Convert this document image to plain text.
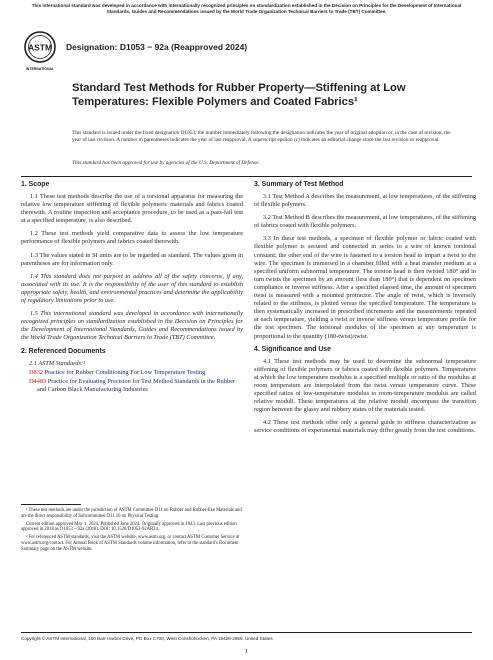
This international standard was developed in accordance with internationally recognized principles on standardization established in the Decision on Principles for the Development of International Standards, Guides and Recommendations issued by the World Trade Organization Technical Barriers to Trade (TBT) Committee.
ASTM
INTERNATIONAL
Designation: D1053 − 92a (Reapproved 2024)
Standard Test Methods for Rubber Property—Stiffening at Low Temperatures: Flexible Polymers and Coated Fabrics¹
This standard is issued under the fixed designation D1053; the number immediately following the designation indicates the year of original adoption or, in the case of revision, the year of last revision. A number in parentheses indicates the year of last reapproval. A superscript epsilon (ε) indicates an editorial change since the last revision or reapproval.
This standard has been approved for use by agencies of the U.S. Department of Defense.
1. Scope

1.1 These test methods describe the use of a torsional apparatus for measuring the relative low temperature stiffening of flexible polymeric materials and fabrics coated therewith. A routine inspection and acceptance procedure, to be used as a pass-fail test at a specified temperature, is also described.

1.2 These test methods yield comparative data to assess the low temperature performance of flexible polymers and fabrics coated therewith.

1.3 The values stated in SI units are to be regarded as standard. The values given in parentheses are for information only.

1.4 This standard does not purport to address all of the safety concerns, if any, associated with its use. It is the responsibility of the user of this standard to establish appropriate safety, health, and environmental practices and determine the applicability of regulatory limitations prior to use.

1.5 This international standard was developed in accordance with internationally recognized principles on standardization established in the Decision on Principles for the Development of International Standards, Guides and Recommendations issued by the World Trade Organization Technical Barriers to Trade (TBT) Committee.

2. Referenced Documents
2.1 ASTM Standards:²
D832 Practice for Rubber Conditioning For Low Temperature Testing
D4483 Practice for Evaluating Precision for Test Method Standards in the Rubber and Carbon Black Manufacturing Industries

¹ These test methods are under the jurisdiction of ASTM Committee D11 on Rubber and Rubber-like Materials and are the direct responsibility of Subcommittee D11.10 on Physical Testing.

Current edition approved May 1, 2024. Published June 2024. Originally approved in 1943. Last previous edition approved in 2018 as D1053 – 92a (2018). DOI: 10.1520/D1053-92AR24.

² For referenced ASTM standards, visit the ASTM website, www.astm.org, or contact ASTM Customer Service at www.astm.org/contact. For Annual Book of ASTM Standards volume information, refer to the standard's Document Summary page on the ASTM website.

3. Summary of Test Method

3.1 Test Method A describes the measurement, at low temperatures, of the stiffening of flexible polymers.

3.2 Test Method B describes the measurement, at low temperatures, of the stiffening of fabrics coated with flexible polymers.

3.3 In these test methods, a specimen of flexible polymer or fabric coated with flexible polymer is secured and connected in series to a wire of known torsional constant; the other end of the wire is fastened to a torsion head to impart a twist to the wire. The specimen is immersed in a chamber filled with a heat transfer medium at a specified uniform subnormal temperature. The torsion head is then twisted 180° and in turn twists the specimen by an amount (less than 180°) that is dependent on specimen compliance or inverse stiffness. After a specified elapsed time, the amount of specimen twist is measured with a mounted protractor. The angle of twist, which is inversely related to the stiffness, is plotted versus the specified temperature. The temperature is then systematically increased in prescribed increments and the measurements repeated at each temperature, yielding a twist or inverse stiffness versus temperature profile for the test specimen. The torsional modulus of the specimen at any temperature is proportional to the quantity (180-twist)/twist.

4. Significance and Use

4.1 These test methods may be used to determine the subnormal temperature stiffening of flexible polymers or fabrics coated with flexible polymers. Temperatures at which the low temperature modulus is a specified multiple or ratio of the modulus at room temperature are interpolated from the twist versus temperature curve. These specified ratios of low-temperature modulus to room-temperature modulus are called relative moduli. These temperatures at the relative moduli encompass the transition region between the glassy and rubbery states of the materials tested.

4.2 These test methods offer only a general guide to stiffness characterization as service conditions of experimental materials may differ greatly from the test conditions.

Copyright © ASTM International, 100 Barr Harbor Drive, PO Box C700, West Conshohocken, PA 19428-2959. United States
1
